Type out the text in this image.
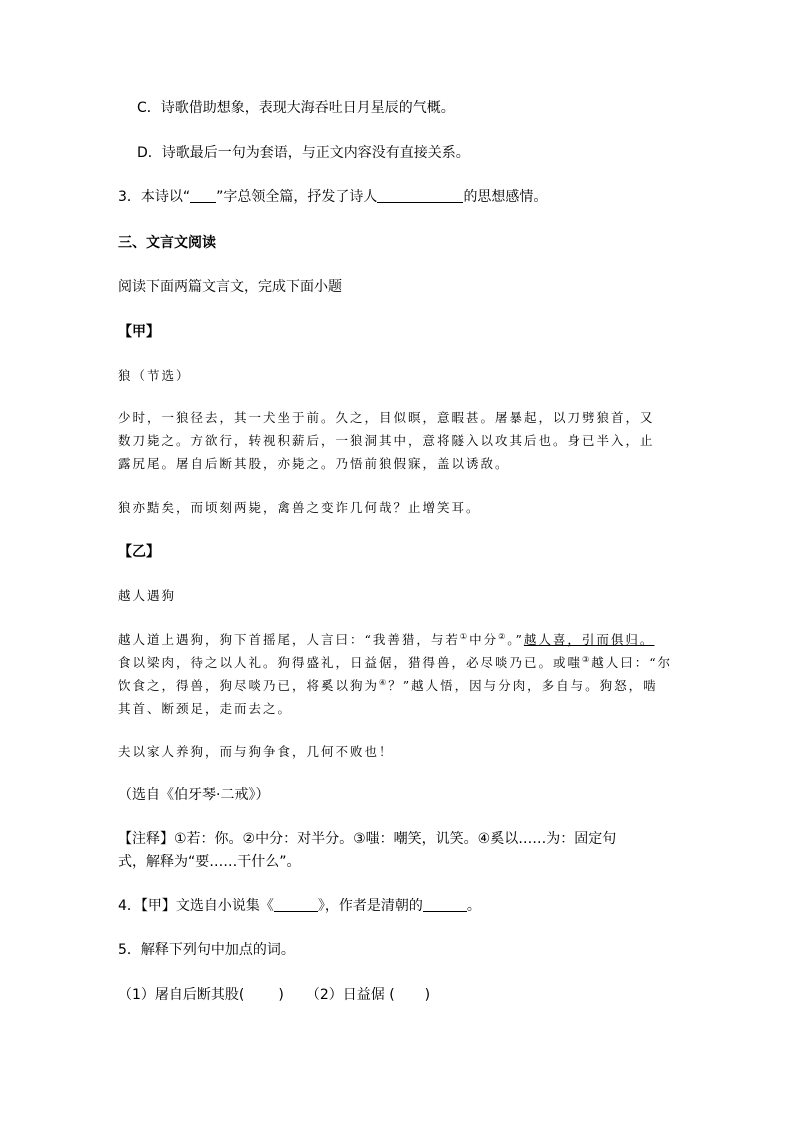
C．诗歌借助想象，表现大海吞吐日月星辰的气概。
D．诗歌最后一句为套语，与正文内容没有直接关系。
3．本诗以“ ”字总领全篇，抒发了诗人	的思想感情。
三、文言文阅读
阅读下面两篇文言文，完成下面小题
【甲】
狼（节选）
少时，一狼径去，其一犬坐于前。久之，目似暝，意暇甚。屠暴起，以刀劈狼首，又
数刀毙之。方欲行，转视积薪后，一狼洞其中，意将隧入以攻其后也。身已半入，止
露尻尾。屠自后断其股，亦毙之。乃悟前狼假寐，盖以诱敌。
狼亦黠矣，而顷刻两毙，禽兽之变诈几何哉？止增笑耳。
【乙】
越人遇狗
越人道上遇狗，狗下首摇尾，人言曰：“我善猎，与若①中分②。”越人喜，引而俱归。
食以梁肉，待之以人礼。狗得盛礼，日益倨，猎得兽，必尽啖乃已。或嗤③越人曰：“尔
饮食之，得兽，狗尽啖乃已，将奚以狗为④？”越人悟，因与分肉，多自与。狗怒，啮
其首、断颈足，走而去之。
夫以家人养狗，而与狗争食，几何不败也！
（选自《伯牙琴·二戒》）
【注释】①若：你。②中分：对半分。③嗤：嘲笑，讥笑。④奚以……为：固定句
式，解释为“要……干什么”。
4．【甲】文选自小说集《	》，作者是清朝的	。
5．解释下列句中加点的词。
（1）屠自后断其股( ) （2）日益倨 ( )
